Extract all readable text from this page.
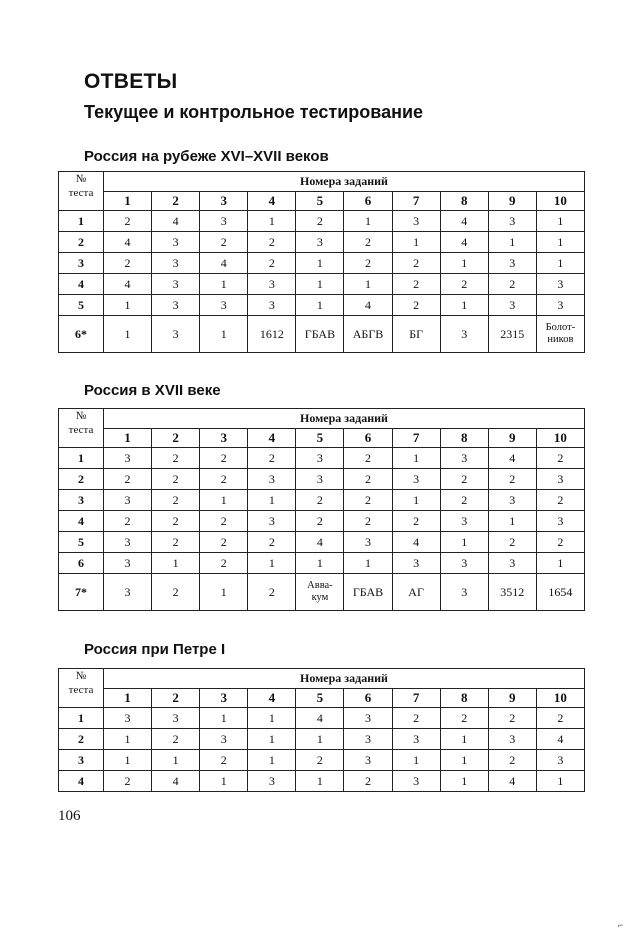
ОТВЕТЫ
Текущее и контрольное тестирование
Россия на рубеже XVI–XVII веков
№
теста	Номера заданий									
	1	2	3	4	5	6	7	8	9	10
1	2	4	3	1	2	1	3	4	3	1
2	4	3	2	2	3	2	1	4	1	1
3	2	3	4	2	1	2	2	1	3	1
4	4	3	1	3	1	1	2	2	2	3
5	1	3	3	3	1	4	2	1	3	3
6*	1	3	1	1612	ГБАВ	АБГВ	БГ	3	2315	Болот-
ников
Россия в XVII веке
№
теста	Номера заданий									
	1	2	3	4	5	6	7	8	9	10
1	3	2	2	2	3	2	1	3	4	2
2	2	2	2	3	3	2	3	2	2	3
3	3	2	1	1	2	2	1	2	3	2
4	2	2	2	3	2	2	2	3	1	3
5	3	2	2	2	4	3	4	1	2	2
6	3	1	2	1	1	1	3	3	3	1
7*	3	2	1	2	Авва-
кум	ГБАВ	АГ	3	3512	1654
Россия при Петре I
№
теста	Номера заданий									
	1	2	3	4	5	6	7	8	9	10
1	3	3	1	1	4	3	2	2	2	2
2	1	2	3	1	1	3	3	1	3	4
3	1	1	2	1	2	3	1	1	2	3
4	2	4	1	3	1	2	3	1	4	1
106
⌐
